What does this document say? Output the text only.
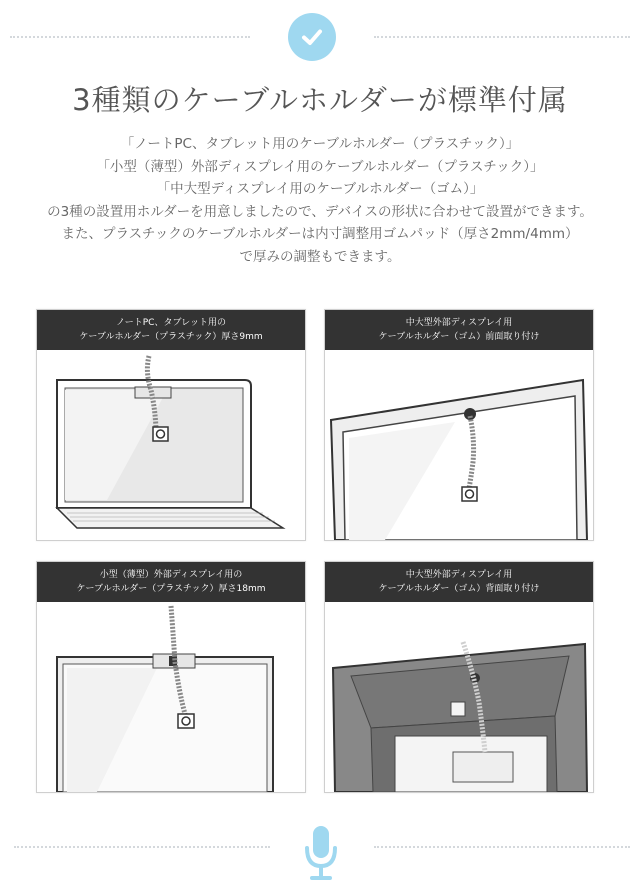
3種類のケーブルホルダーが標準付属

「ノートPC、タブレット用のケーブルホルダー（プラスチック）」

「小型（薄型）外部ディスプレイ用のケーブルホルダー（プラスチック）」

「中大型ディスプレイ用のケーブルホルダー（ゴム）」

の3種の設置用ホルダーを用意しましたので、デバイスの形状に合わせて設置ができます。

また、プラスチックのケーブルホルダーは内寸調整用ゴムパッド（厚さ2mm/4mm）

で厚みの調整もできます。

ノートPC、タブレット用の
ケーブルホルダー（プラスチック）厚さ9mm
中大型外部ディスプレイ用
ケーブルホルダー（ゴム）前面取り付け
小型（薄型）外部ディスプレイ用の
ケーブルホルダー（プラスチック）厚さ18mm
中大型外部ディスプレイ用
ケーブルホルダー（ゴム）背面取り付け
